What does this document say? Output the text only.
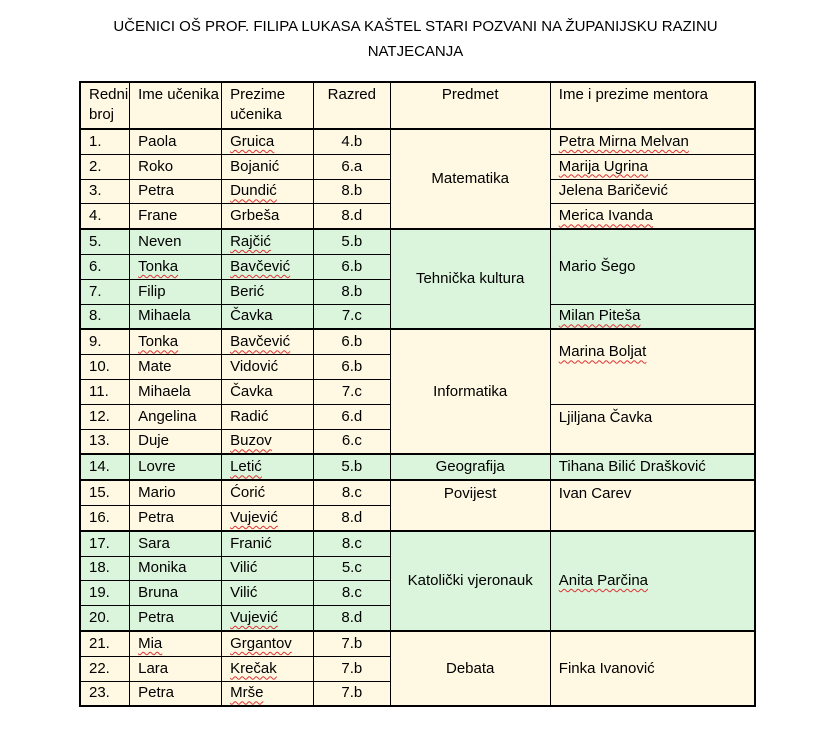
UČENICI OŠ PROF. FILIPA LUKASA KAŠTEL STARI POZVANI NA ŽUPANIJSKU RAZINU
NATJECANJA
Redni broj	Ime učenika	Prezime učenika	Razred	Predmet	Ime i prezime mentora
1.	Paola	Gruica	4.b	Matematika	Petra Mirna Melvan
2.	Roko	Bojanić	6.a		Marija Ugrina
3.	Petra	Dundić	8.b		Jelena Baričević
4.	Frane	Grbeša	8.d		Merica Ivanda
5.	Neven	Rajčić	5.b	Tehnička kultura	Mario Šego
6.	Tonka	Bavčević	6.b		
7.	Filip	Berić	8.b		
8.	Mihaela	Čavka	7.c		Milan Piteša
9.	Tonka	Bavčević	6.b	Informatika	Marina Boljat
10.	Mate	Vidović	6.b		
11.	Mihaela	Čavka	7.c		
12.	Angelina	Radić	6.d		Ljiljana Čavka
13.	Duje	Buzov	6.c		
14.	Lovre	Letić	5.b	Geografija	Tihana Bilić Drašković
15.	Mario	Ćorić	8.c	Povijest	Ivan Carev
16.	Petra	Vujević	8.d		
17.	Sara	Franić	8.c	Katolički vjeronauk	Anita Parčina
18.	Monika	Vilić	5.c		
19.	Bruna	Vilić	8.c		
20.	Petra	Vujević	8.d		
21.	Mia	Grgantov	7.b	Debata	Finka Ivanović
22.	Lara	Krečak	7.b		
23.	Petra	Mrše	7.b		
